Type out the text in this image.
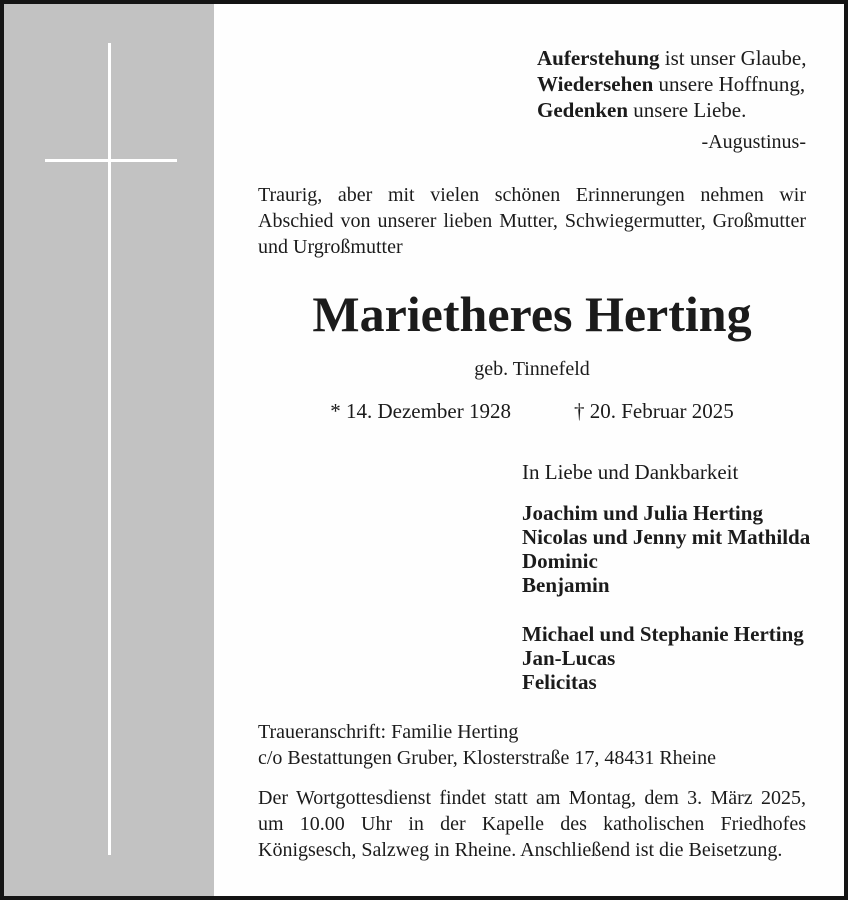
Auferstehung ist unser Glaube,
Wiedersehen unsere Hoffnung,
Gedenken unsere Liebe.
-Augustinus-
Traurig, aber mit vielen schönen Erinnerungen nehmen wir Abschied von unserer lieben Mutter, Schwiegermutter, Großmutter und Urgroßmutter
Marietheres Herting
geb. Tinnefeld
* 14. Dezember 1928	† 20. Februar 2025
In Liebe und Dankbarkeit
Joachim und Julia Herting
Nicolas und Jenny mit Mathilda
Dominic
Benjamin
Michael und Stephanie Herting
Jan-Lucas
Felicitas
Traueranschrift: Familie Herting
c/o Bestattungen Gruber, Klosterstraße 17, 48431 Rheine
Der Wortgottesdienst findet statt am Montag, dem 3. März 2025, um 10.00 Uhr in der Kapelle des katholischen Friedhofes Königsesch, Salzweg in Rheine. Anschließend ist die Beisetzung.
